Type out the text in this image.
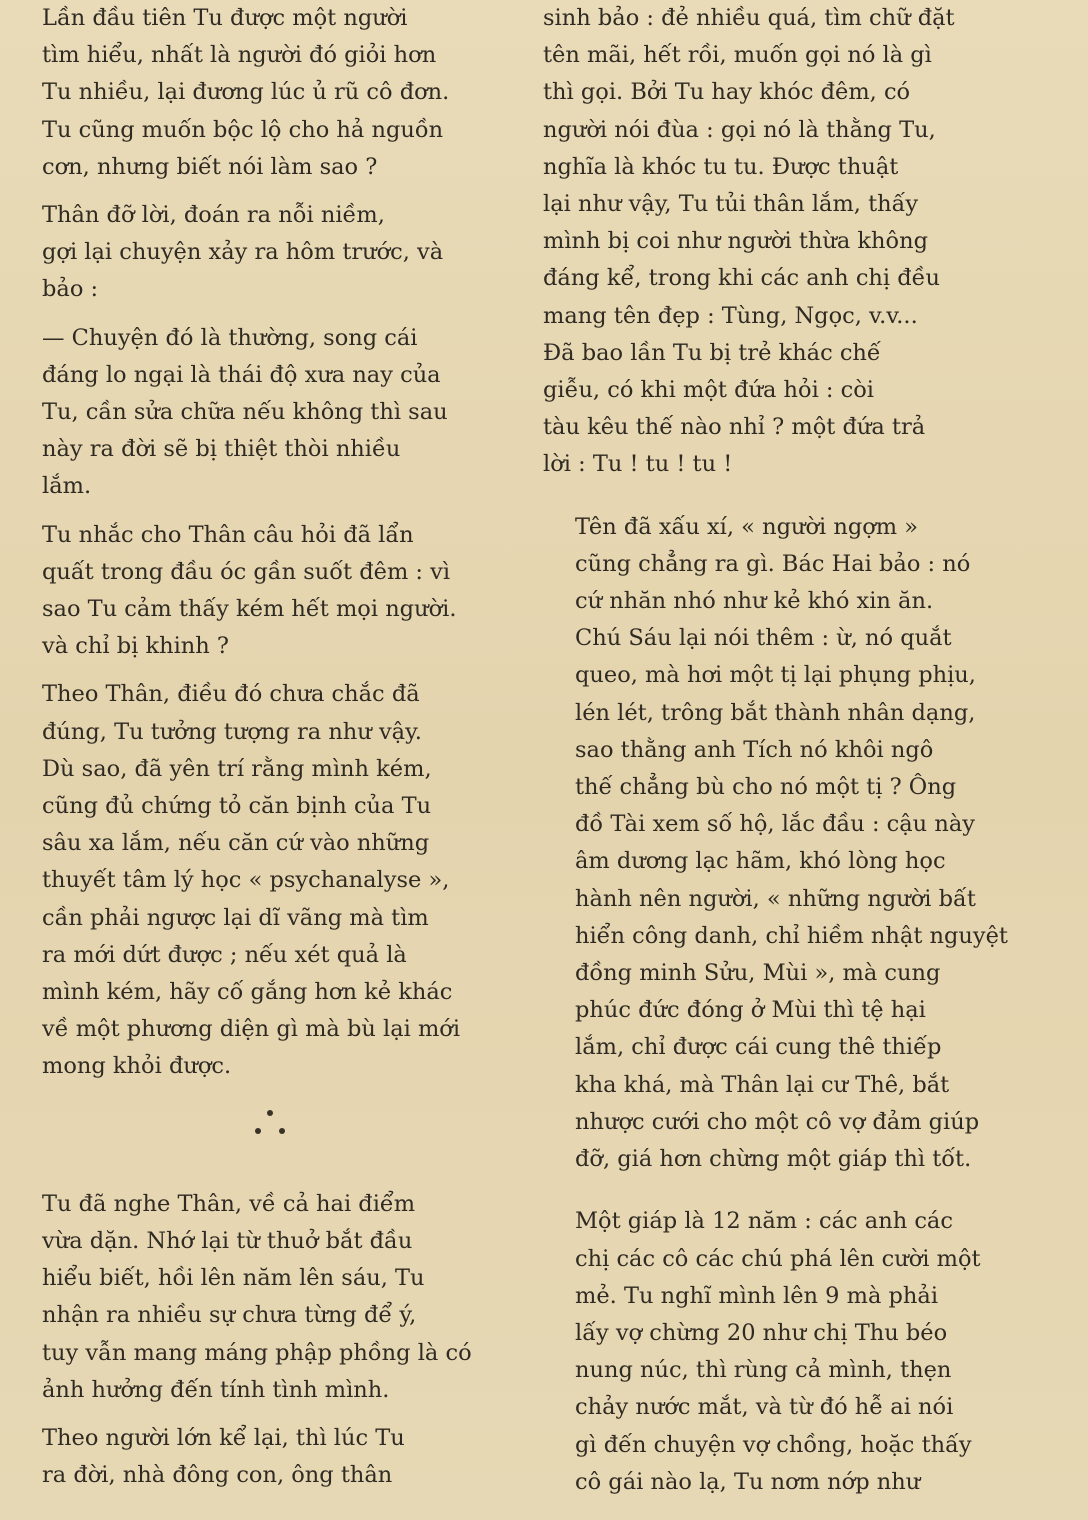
Lần đầu tiên Tu được một người
tìm hiểu, nhất là người đó giỏi hơn
Tu nhiều, lại đương lúc ủ rũ cô đơn.
Tu cũng muốn bộc lộ cho hả nguồn
cơn, nhưng biết nói làm sao ?

Thân đỡ lời, đoán ra nỗi niềm,
gợi lại chuyện xảy ra hôm trước, và
bảo :

— Chuyện đó là thường, song cái
đáng lo ngại là thái độ xưa nay của
Tu, cần sửa chữa nếu không thì sau
này ra đời sẽ bị thiệt thòi nhiều
lắm.

Tu nhắc cho Thân câu hỏi đã lẩn
quất trong đầu óc gần suốt đêm : vì
sao Tu cảm thấy kém hết mọi người.
và chỉ bị khinh ?

Theo Thân, điều đó chưa chắc đã
đúng, Tu tưởng tượng ra như vậy.
Dù sao, đã yên trí rằng mình kém,
cũng đủ chứng tỏ căn bịnh của Tu
sâu xa lắm, nếu căn cứ vào những
thuyết tâm lý học « psychanalyse »,
cần phải ngược lại dĩ vãng mà tìm
ra mới dứt được ; nếu xét quả là
mình kém, hãy cố gắng hơn kẻ khác
về một phương diện gì mà bù lại mới
mong khỏi được.

Tu đã nghe Thân, về cả hai điểm
vừa dặn. Nhớ lại từ thuở bắt đầu
hiểu biết, hồi lên năm lên sáu, Tu
nhận ra nhiều sự chưa từng để ý,
tuy vẫn mang máng phập phồng là có
ảnh hưởng đến tính tình mình.

Theo người lớn kể lại, thì lúc Tu
ra đời, nhà đông con, ông thân

sinh bảo : đẻ nhiều quá, tìm chữ đặt
tên mãi, hết rồi, muốn gọi nó là gì
thì gọi. Bởi Tu hay khóc đêm, có
người nói đùa : gọi nó là thằng Tu,
nghĩa là khóc tu tu. Được thuật
lại như vậy, Tu tủi thân lắm, thấy
mình bị coi như người thừa không
đáng kể, trong khi các anh chị đều
mang tên đẹp : Tùng, Ngọc, v.v...
Đã bao lần Tu bị trẻ khác chế
giễu, có khi một đứa hỏi : còi
tàu kêu thế nào nhỉ ? một đứa trả
lời : Tu ! tu ! tu !

Tên đã xấu xí, « người ngợm »
cũng chẳng ra gì. Bác Hai bảo : nó
cứ nhăn nhó như kẻ khó xin ăn.
Chú Sáu lại nói thêm : ừ, nó quắt
queo, mà hơi một tị lại phụng phịu,
lén lét, trông bắt thành nhân dạng,
sao thằng anh Tích nó khôi ngô
thế chẳng bù cho nó một tị ? Ông
đồ Tài xem số hộ, lắc đầu : cậu này
âm dương lạc hãm, khó lòng học
hành nên người, « những người bất
hiển công danh, chỉ hiềm nhật nguyệt
đồng minh Sửu, Mùi », mà cung
phúc đức đóng ở Mùi thì tệ hại
lắm, chỉ được cái cung thê thiếp
kha khá, mà Thân lại cư Thê, bắt
nhược cưới cho một cô vợ đảm giúp
đỡ, giá hơn chừng một giáp thì tốt.

Một giáp là 12 năm : các anh các
chị các cô các chú phá lên cười một
mẻ. Tu nghĩ mình lên 9 mà phải
lấy vợ chừng 20 như chị Thu béo
nung núc, thì rùng cả mình, thẹn
chảy nước mắt, và từ đó hễ ai nói
gì đến chuyện vợ chồng, hoặc thấy
cô gái nào lạ, Tu nơm nớp như
